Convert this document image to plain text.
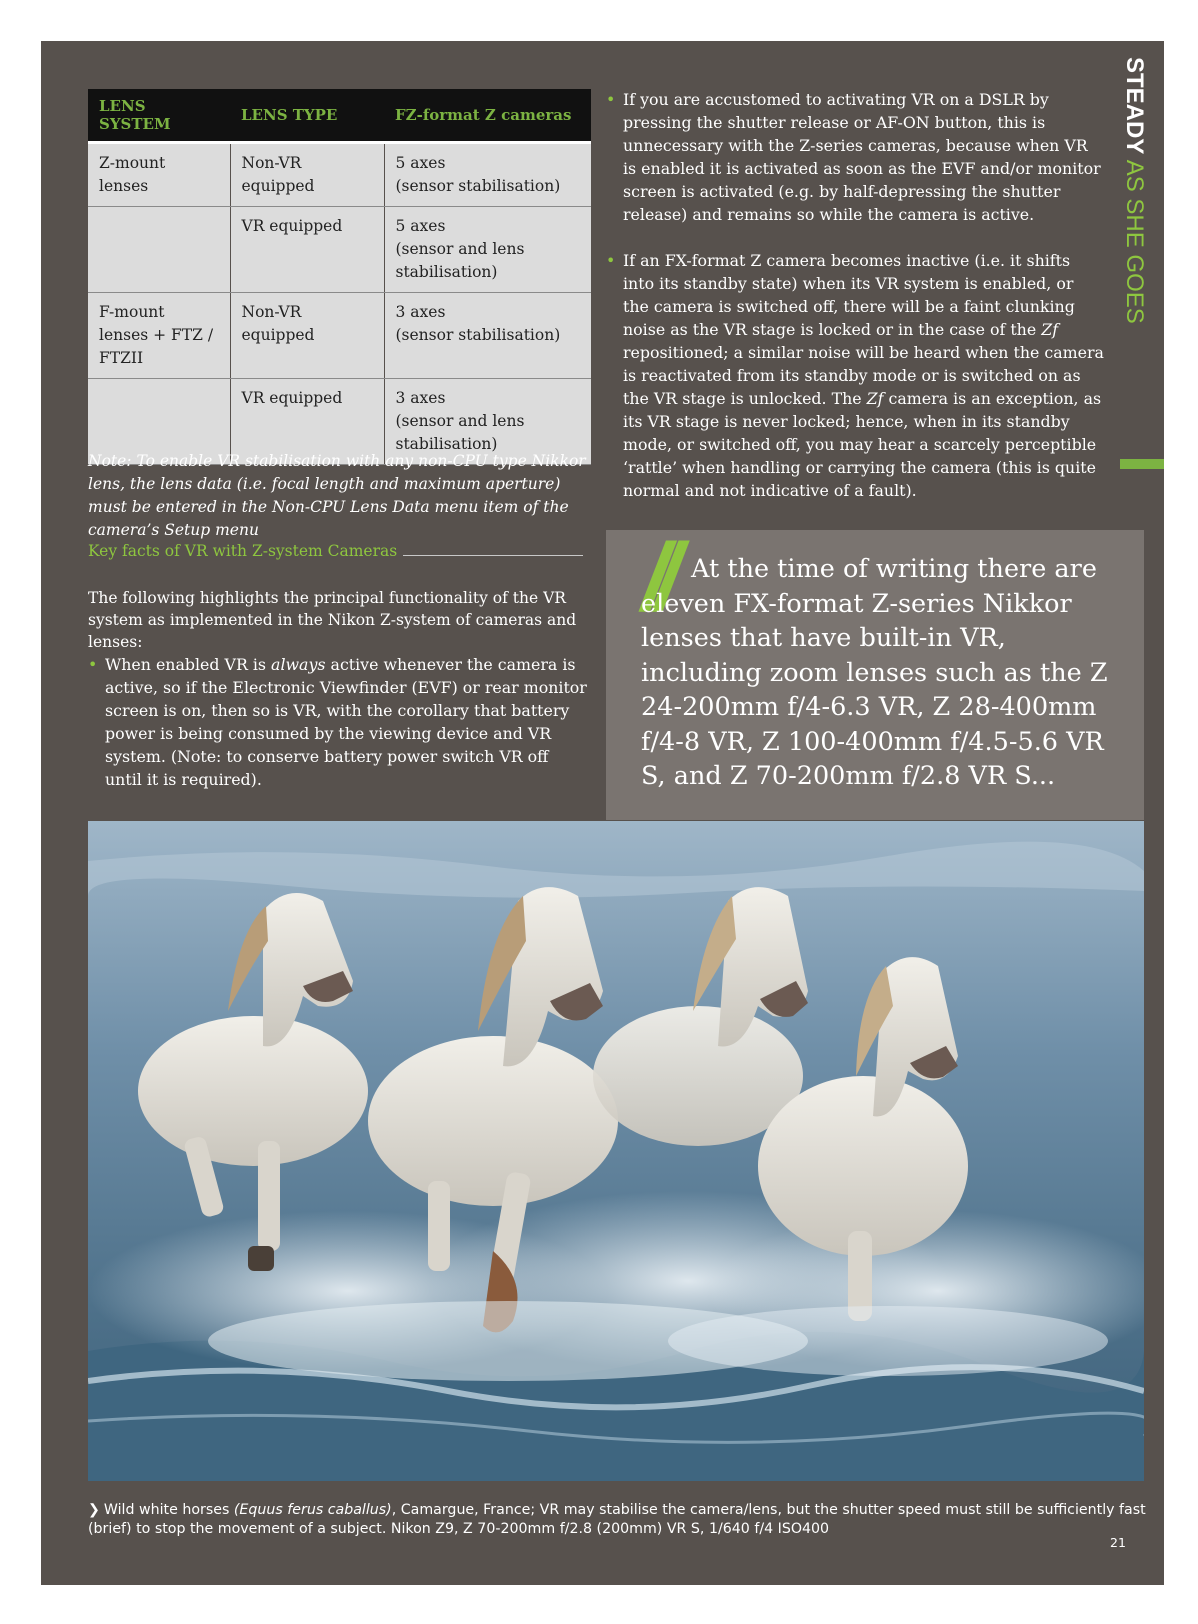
STEADY AS SHE GOES
LENS SYSTEM	LENS TYPE	FZ-format Z cameras
Z-mount lenses	Non-VR equipped	5 axes
(sensor stabilisation)

	VR equipped	5 axes
(sensor and lens stabilisation)

F-mount lenses + FTZ / FTZII	Non-VR equipped	3 axes
(sensor stabilisation)

	VR equipped	3 axes
(sensor and lens stabilisation)
Note: To enable VR stabilisation with any non-CPU type Nikkor lens, the lens data (i.e. focal length and maximum aperture) must be entered in the Non-CPU Lens Data menu item of the camera’s Setup menu
Key facts of VR with Z-system Cameras
The following highlights the principal functionality of the VR system as implemented in the Nikon Z-system of cameras and lenses:
• When enabled VR is always active whenever the camera is active, so if the Electronic Viewfinder (EVF) or rear monitor screen is on, then so is VR, with the corollary that battery power is being consumed by the viewing device and VR system. (Note: to conserve battery power switch VR off until it is required).
• If you are accustomed to activating VR on a DSLR by pressing the shutter release or AF-ON button, this is unnecessary with the Z-series cameras, because when VR is enabled it is activated as soon as the EVF and/or monitor screen is activated (e.g. by half-depressing the shutter release) and remains so while the camera is active.
• If an FX-format Z camera becomes inactive (i.e. it shifts into its standby state) when its VR system is enabled, or the camera is switched off, there will be a faint clunking noise as the VR stage is locked or in the case of the Zf repositioned; a similar noise will be heard when the camera is reactivated from its standby mode or is switched on as the VR stage is unlocked. The Zf camera is an exception, as its VR stage is never locked; hence, when in its standby mode, or switched off, you may hear a scarcely perceptible ‘rattle’ when handling or carrying the camera (this is quite normal and not indicative of a fault).
// At the time of writing there are eleven FX-format Z-series Nikkor lenses that have built-in VR, including zoom lenses such as the Z 24-200mm f/4-6.3 VR, Z 28-400mm f/4-8 VR, Z 100-400mm f/4.5-5.6 VR S, and Z 70-200mm f/2.8 VR S...
❯ Wild white horses (Equus ferus caballus), Camargue, France; VR may stabilise the camera/lens, but the shutter speed must still be sufficiently fast (brief) to stop the movement of a subject. Nikon Z9, Z 70-200mm f/2.8 (200mm) VR S, 1/640 f/4 ISO400
21
